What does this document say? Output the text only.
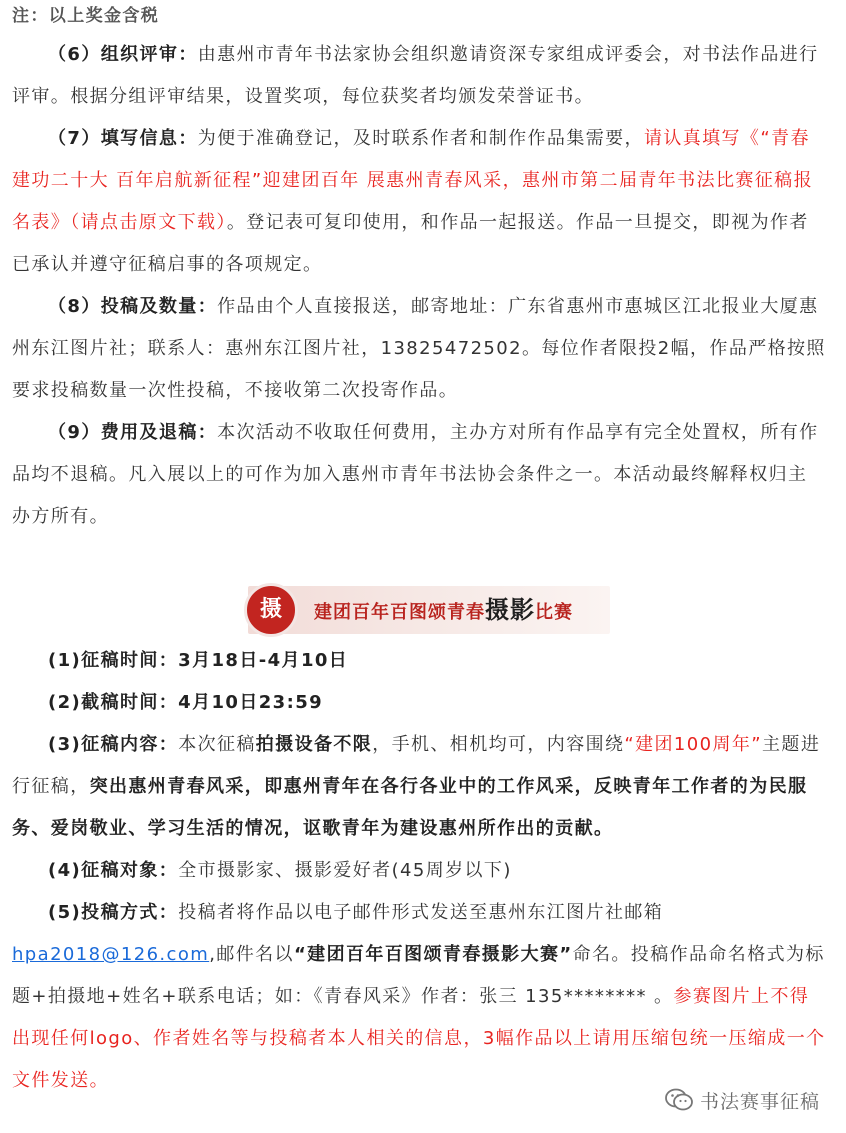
注：以上奖金含税

（6）组织评审：由惠州市青年书法家协会组织邀请资深专家组成评委会，对书法作品进行评审。根据分组评审结果，设置奖项，每位获奖者均颁发荣誉证书。

（7）填写信息：为便于准确登记，及时联系作者和制作作品集需要，请认真填写《“青春建功二十大 百年启航新征程”迎建团百年 展惠州青春风采，惠州市第二届青年书法比赛征稿报名表》（请点击原文下载）。登记表可复印使用，和作品一起报送。作品一旦提交，即视为作者已承认并遵守征稿启事的各项规定。

（8）投稿及数量：作品由个人直接报送，邮寄地址：广东省惠州市惠城区江北报业大厦惠州东江图片社；联系人：惠州东江图片社，13825472502。每位作者限投2幅，作品严格按照要求投稿数量一次性投稿，不接收第二次投寄作品。

（9）费用及退稿：本次活动不收取任何费用，主办方对所有作品享有完全处置权，所有作品均不退稿。凡入展以上的可作为加入惠州市青年书法协会条件之一。本活动最终解释权归主办方所有。

摄	建团百年百图颂青春摄影比赛

(1)征稿时间：3月18日-4月10日

(2)截稿时间：4月10日23:59

(3)征稿内容：本次征稿拍摄设备不限，手机、相机均可，内容围绕“建团100周年”主题进行征稿，突出惠州青春风采，即惠州青年在各行各业中的工作风采，反映青年工作者的为民服务、爱岗敬业、学习生活的情况，讴歌青年为建设惠州所作出的贡献。

(4)征稿对象：全市摄影家、摄影爱好者(45周岁以下)

(5)投稿方式：投稿者将作品以电子邮件形式发送至惠州东江图片社邮箱hpa2018@126.com,邮件名以“建团百年百图颂青春摄影大赛”命名。投稿作品命名格式为标题+拍摄地+姓名+联系电话；如：《青春风采》作者：张三 135******** 。参赛图片上不得出现任何logo、作者姓名等与投稿者本人相关的信息，3幅作品以上请用压缩包统一压缩成一个文件发送。

书法赛事征稿
